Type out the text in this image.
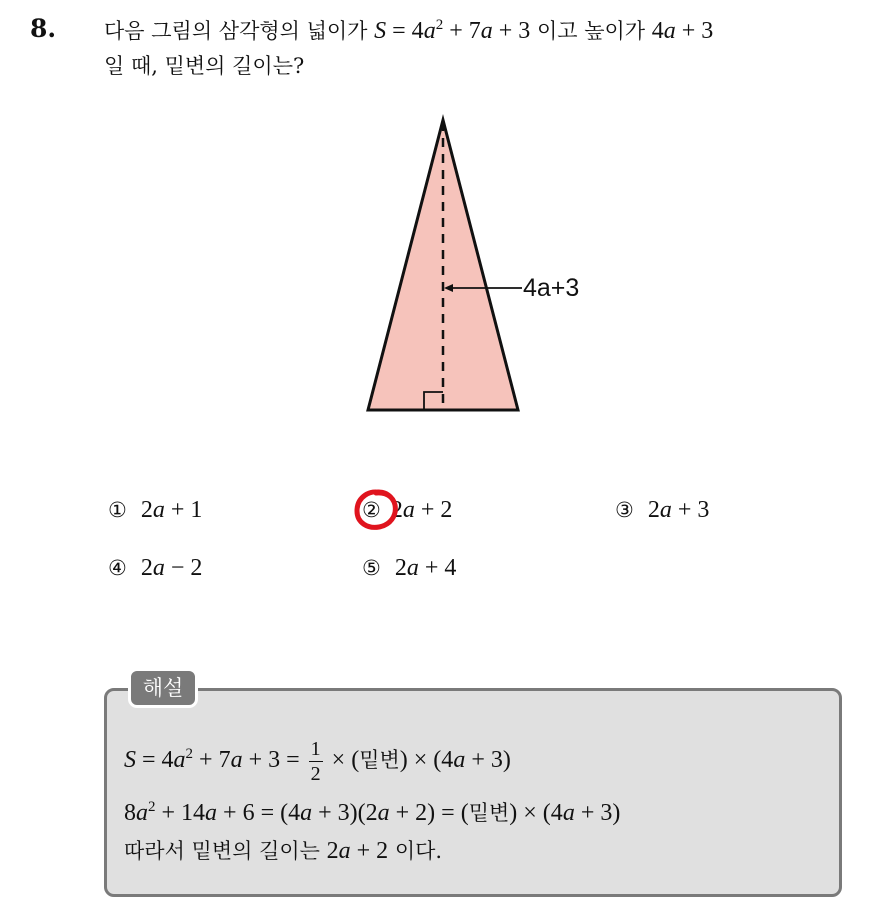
8. 다음 그림의 삼각형의 넓이가 $S = 4a^2 + 7a + 3$ 이고 높이가 4a + 3
일 때, 밑변의 길이는?
4a+3
① 2a + 1	② 2a + 2	③ 2a + 3
④ 2a − 2	⑤ 2a + 4
해설
$S = 4a^2 + 7a + 3 = \frac{1}{2}$ × (밑변) × (4a + 3)
$8a^2 + 14a + 6 = (4a + 3)(2a + 2)$ = (밑변) × (4a + 3)
따라서 밑변의 길이는 2a + 2 이다.
